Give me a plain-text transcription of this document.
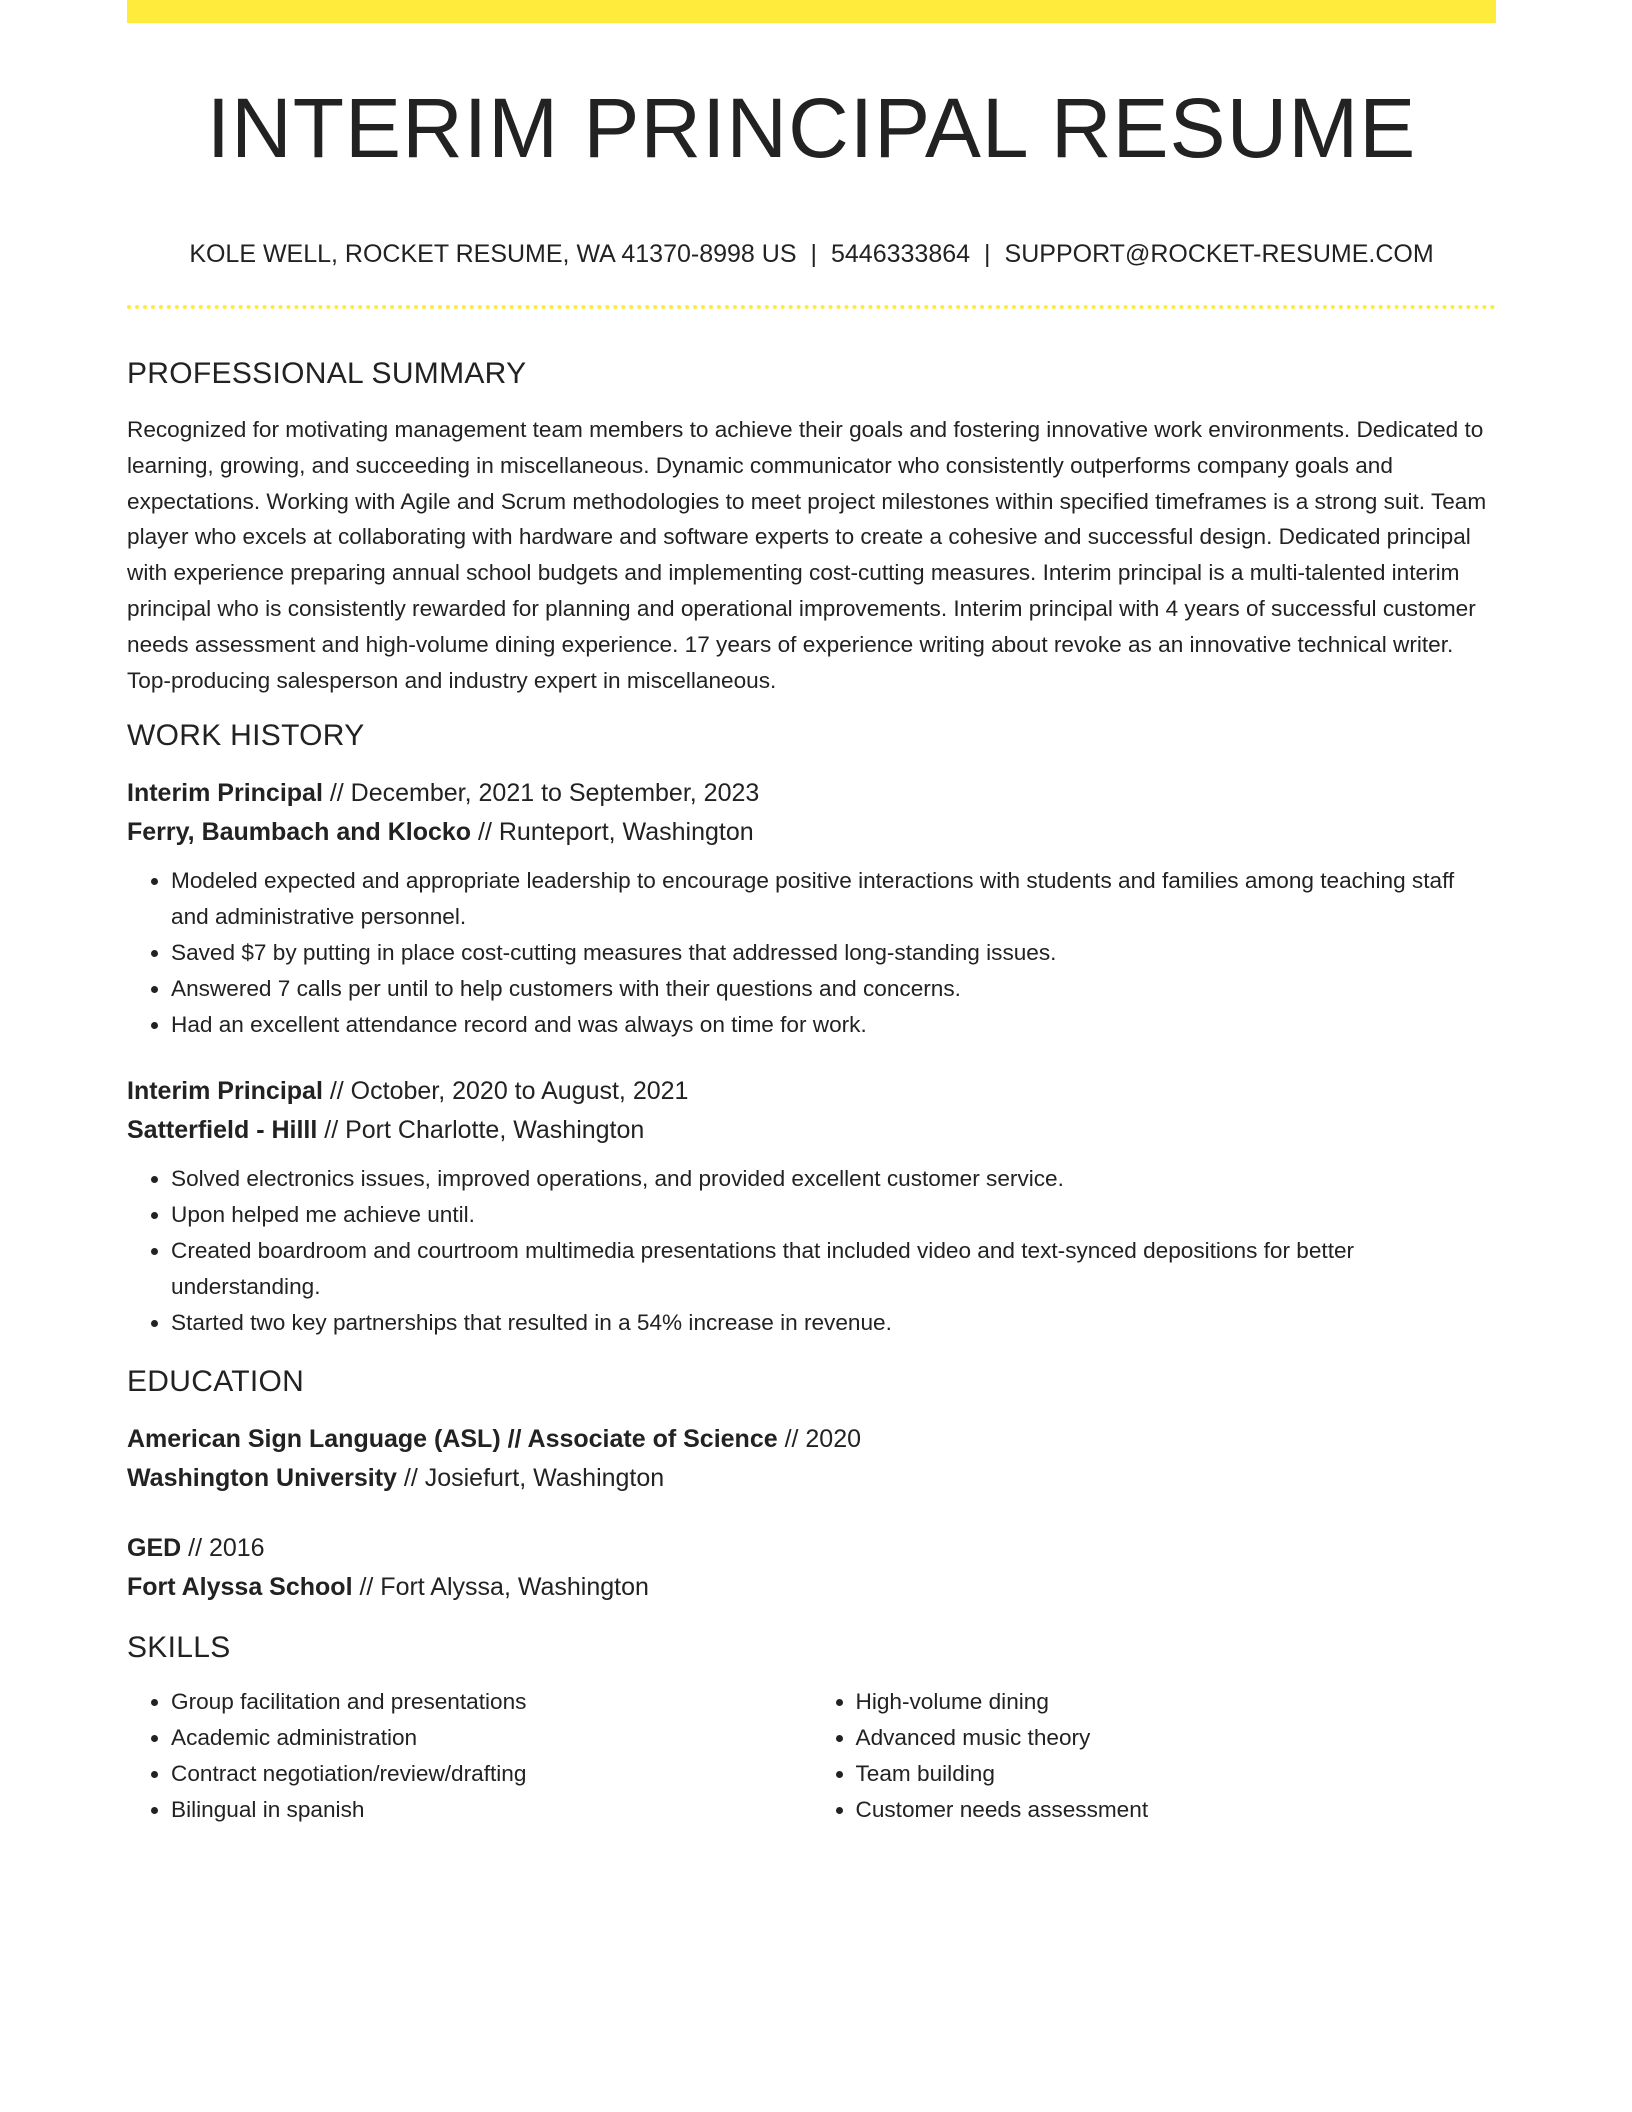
INTERIM PRINCIPAL RESUME
KOLE WELL, ROCKET RESUME, WA 41370-8998 US | 5446333864 | SUPPORT@ROCKET-RESUME.COM
PROFESSIONAL SUMMARY

Recognized for motivating management team members to achieve their goals and fostering innovative work environments. Dedicated to learning, growing, and succeeding in miscellaneous. Dynamic communicator who consistently outperforms company goals and expectations. Working with Agile and Scrum methodologies to meet project milestones within specified timeframes is a strong suit. Team player who excels at collaborating with hardware and software experts to create a cohesive and successful design. Dedicated principal with experience preparing annual school budgets and implementing cost-cutting measures. Interim principal is a multi-talented interim principal who is consistently rewarded for planning and operational improvements. Interim principal with 4 years of successful customer needs assessment and high-volume dining experience. 17 years of experience writing about revoke as an innovative technical writer. Top-producing salesperson and industry expert in miscellaneous.

WORK HISTORY

Interim Principal // December, 2021 to September, 2023

Ferry, Baumbach and Klocko // Runteport, Washington

• Modeled expected and appropriate leadership to encourage positive interactions with students and families among teaching staff and administrative personnel.
• Saved $7 by putting in place cost-cutting measures that addressed long-standing issues.
• Answered 7 calls per until to help customers with their questions and concerns.
• Had an excellent attendance record and was always on time for work.

Interim Principal // October, 2020 to August, 2021

Satterfield - Hilll // Port Charlotte, Washington

• Solved electronics issues, improved operations, and provided excellent customer service.
• Upon helped me achieve until.
• Created boardroom and courtroom multimedia presentations that included video and text-synced depositions for better understanding.
• Started two key partnerships that resulted in a 54% increase in revenue.
EDUCATION

American Sign Language (ASL) // Associate of Science // 2020

Washington University // Josiefurt, Washington

GED // 2016

Fort Alyssa School // Fort Alyssa, Washington

SKILLS
• Group facilitation and presentations
• Academic administration
• Contract negotiation/review/drafting
• Bilingual in spanish
• High-volume dining
• Advanced music theory
• Team building
• Customer needs assessment
